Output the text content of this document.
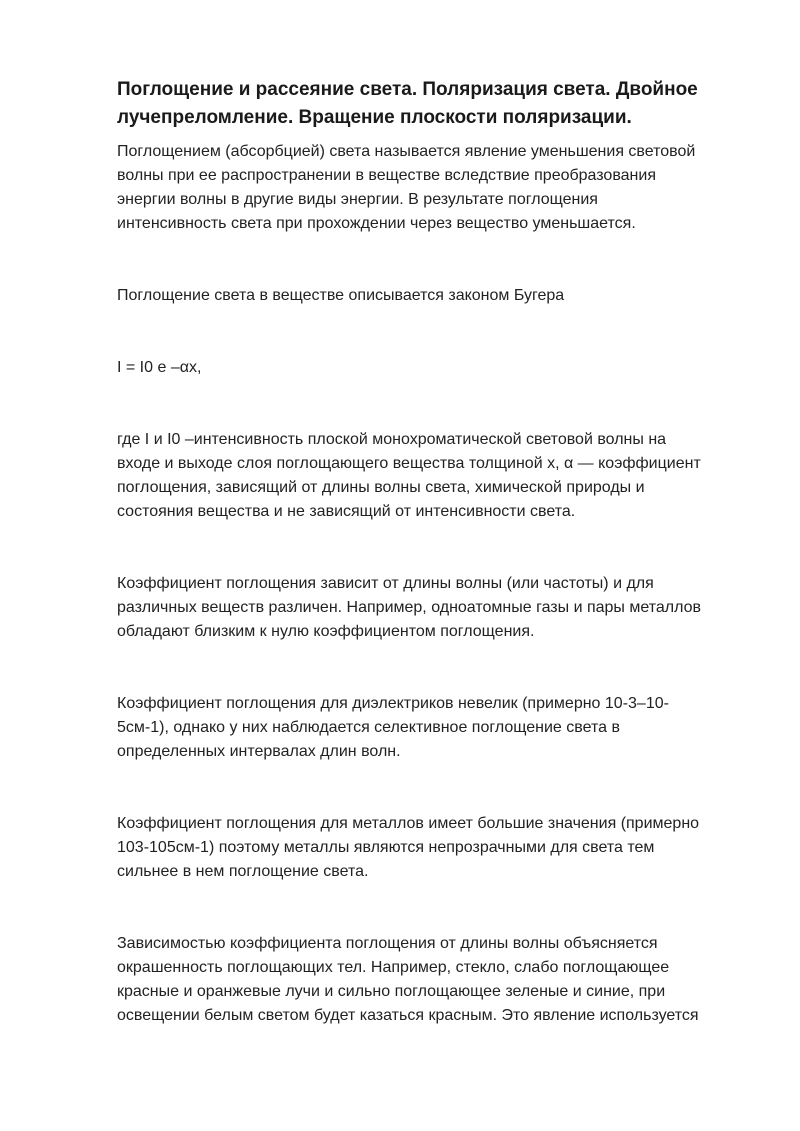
Поглощение и рассеяние света. Поляризация света. Двойное
лучепреломление. Вращение плоскости поляризации.

Поглощением (абсорбцией) света называется явление уменьшения световой
волны при ее распространении в веществе вследствие преобразования
энергии волны в другие виды энергии. В результате поглощения
интенсивность света при прохождении через вещество уменьшается.

Поглощение света в веществе описывается законом Бугера

I = I0 e –αx,

где I и I0 –интенсивность плоской монохроматической световой волны на
входе и выходе слоя поглощающего вещества толщиной x, α — коэффициент
поглощения, зависящий от длины волны света, химической природы и
состояния вещества и не зависящий от интенсивности света.

Коэффициент поглощения зависит от длины волны (или частоты) и для
различных веществ различен. Например, одноатомные газы и пары металлов
обладают близким к нулю коэффициентом поглощения.

Коэффициент поглощения для диэлектриков невелик (примерно 10-3–10-
5см-1), однако у них наблюдается селективное поглощение света в
определенных интервалах длин волн.

Коэффициент поглощения для металлов имеет большие значения (примерно
103-105см-1) поэтому металлы являются непрозрачными для света тем
сильнее в нем поглощение света.

Зависимостью коэффициента поглощения от длины волны объясняется
окрашенность поглощающих тел. Например, стекло, слабо поглощающее
красные и оранжевые лучи и сильно поглощающее зеленые и синие, при
освещении белым светом будет казаться красным. Это явление используется
